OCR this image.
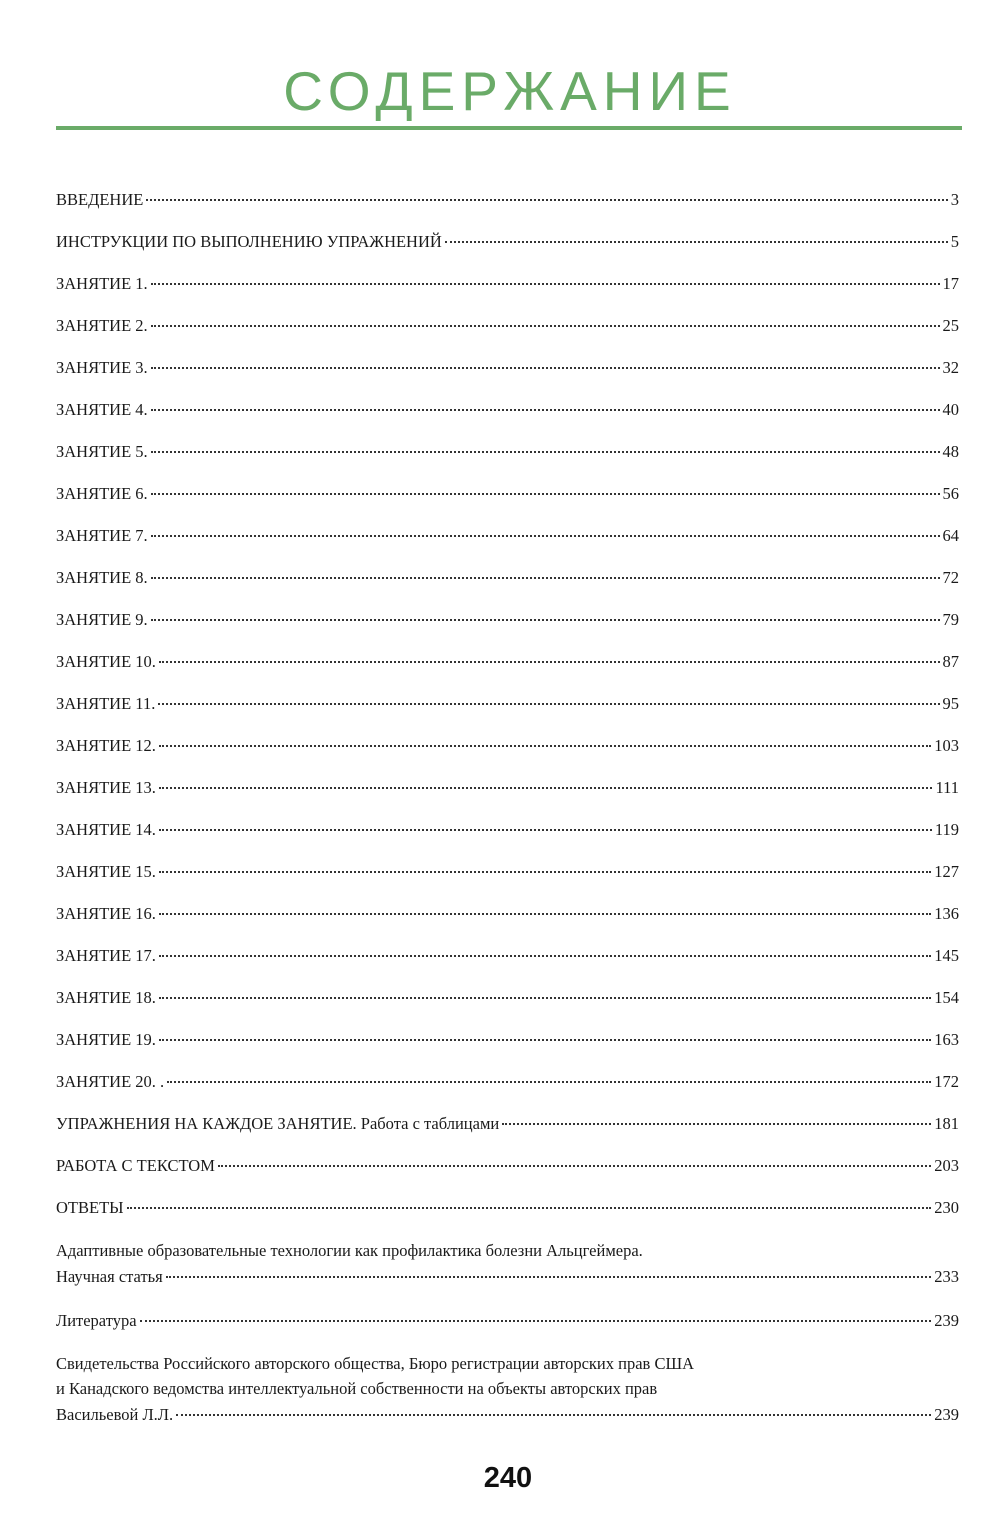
СОДЕРЖАНИЕ
ВВЕДЕНИЕ	3
ИНСТРУКЦИИ ПО ВЫПОЛНЕНИЮ УПРАЖНЕНИЙ	5
ЗАНЯТИЕ 1.	17
ЗАНЯТИЕ 2.	25
ЗАНЯТИЕ 3.	32
ЗАНЯТИЕ 4.	40
ЗАНЯТИЕ 5.	48
ЗАНЯТИЕ 6.	56
ЗАНЯТИЕ 7.	64
ЗАНЯТИЕ 8.	72
ЗАНЯТИЕ 9.	79
ЗАНЯТИЕ 10.	87
ЗАНЯТИЕ 11.	95
ЗАНЯТИЕ 12.	103
ЗАНЯТИЕ 13.	111
ЗАНЯТИЕ 14.	119
ЗАНЯТИЕ 15.	127
ЗАНЯТИЕ 16.	136
ЗАНЯТИЕ 17.	145
ЗАНЯТИЕ 18.	154
ЗАНЯТИЕ 19.	163
ЗАНЯТИЕ 20. .	172
УПРАЖНЕНИЯ НА КАЖДОЕ ЗАНЯТИЕ. Работа с таблицами	181
РАБОТА С ТЕКСТОМ	203
ОТВЕТЫ	230
Адаптивные образовательные технологии как профилактика болезни Альцгеймера.
Научная статья	233
Литература	239
Свидетельства Российского авторского общества, Бюро регистрации авторских прав США
и Канадского ведомства интеллектуальной собственности на объекты авторских прав
Васильевой Л.Л.	239
240
